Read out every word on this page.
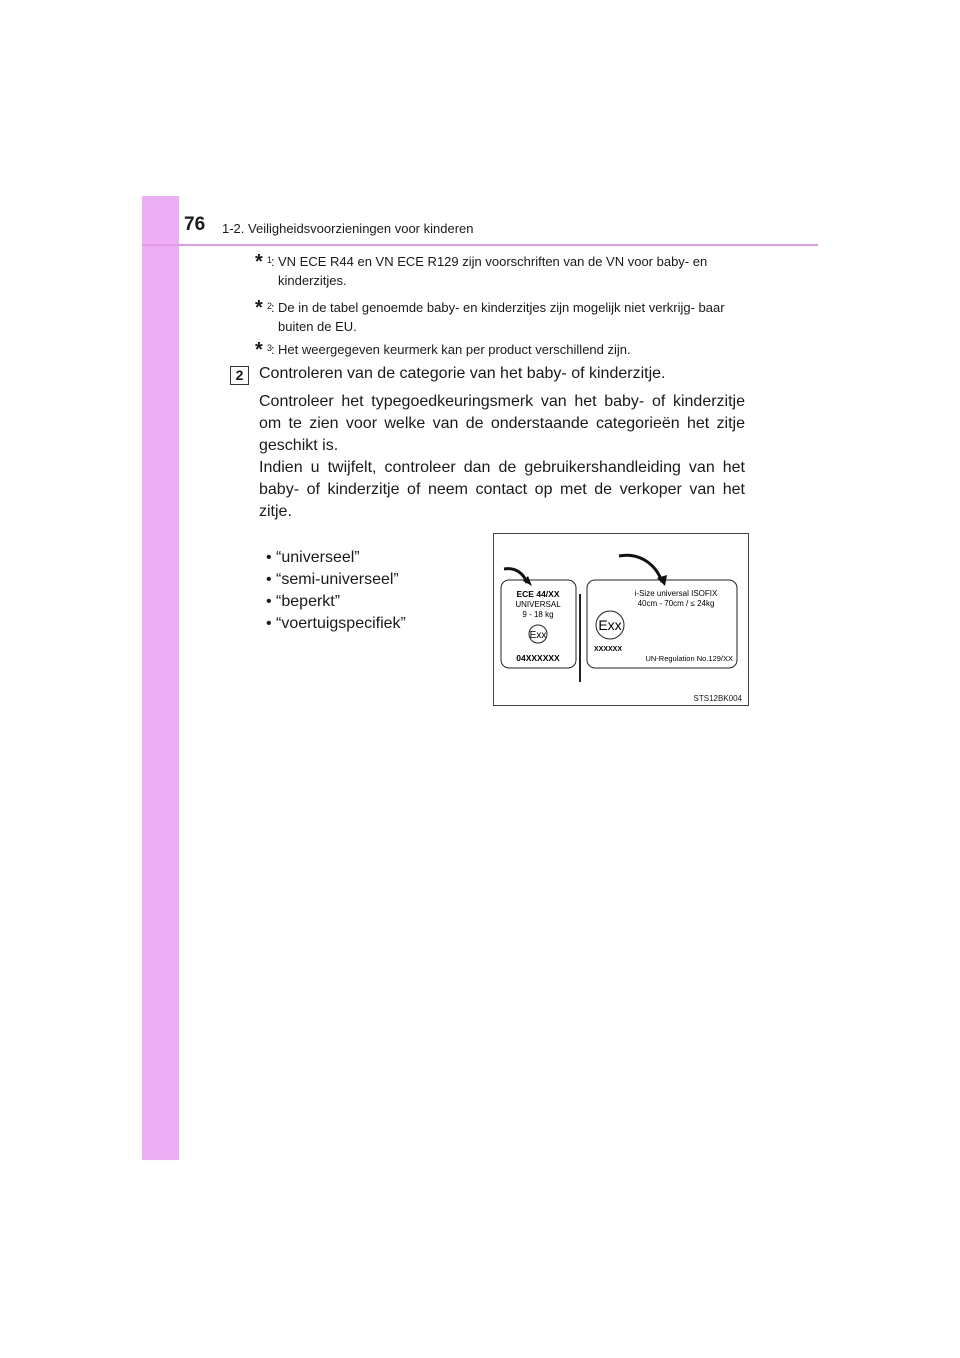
76 1-2. Veiligheidsvoorzieningen voor kinderen
* 1 : VN ECE R44 en VN ECE R129 zijn voorschriften van de VN voor baby- en kinderzitjes.
* 2 : De in de tabel genoemde baby- en kinderzitjes zijn mogelijk niet verkrijg- baar buiten de EU.
* 3 : Het weergegeven keurmerk kan per product verschillend zijn.
2 Controleren van de categorie van het baby- of kinderzitje.
Controleer het typegoedkeuringsmerk van het baby- of kinderzitje om te zien voor welke van de onderstaande categorieën het zitje geschikt is.
Indien u twijfelt, controleer dan de gebruikershandleiding van het baby- of kinderzitje of neem contact op met de verkoper van het zitje.
• “universeel”
• “semi-universeel”
• “beperkt”
• “voertuigspecifiek”
ECE 44/XX
UNIVERSAL
9 - 18 kg
Exx
04XXXXXX
i-Size universal ISOFIX
40cm - 70cm / ≤ 24kg
Exx
XXXXXX
UN-Regulation No.129/XX
STS12BK004
